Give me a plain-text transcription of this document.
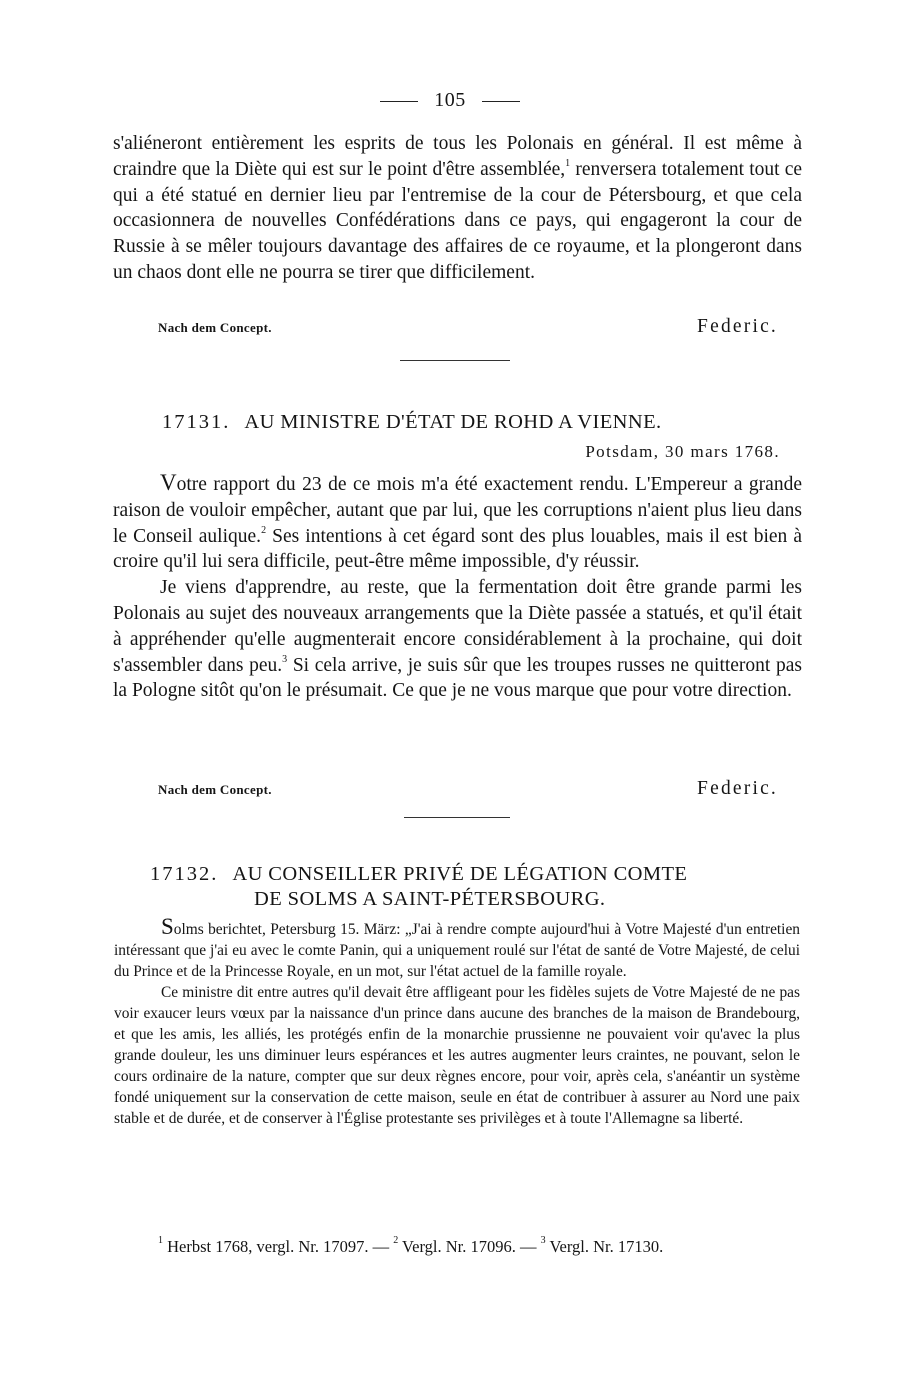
105

s'aliéneront entièrement les esprits de tous les Polonais en général. Il est même à craindre que la Diète qui est sur le point d'être assemblée,$^1$ renversera totalement tout ce qui a été statué en dernier lieu par l'entremise de la cour de Pétersbourg, et que cela occasionnera de nouvelles Confédérations dans ce pays, qui engageront la cour de Russie à se mêler toujours davantage des affaires de ce royaume, et la plongeront dans un chaos dont elle ne pourra se tirer que difficilement.

Nach dem Concept.	Federic.
17131. AU MINISTRE D'ÉTAT DE ROHD A VIENNE.
Potsdam, 30 mars 1768.

Votre rapport du 23 de ce mois m'a été exactement rendu. L'Empereur a grande raison de vouloir empêcher, autant que par lui, que les corruptions n'aient plus lieu dans le Conseil aulique.$^2$ Ses intentions à cet égard sont des plus louables, mais il est bien à croire qu'il lui sera difficile, peut-être même impossible, d'y réussir.

Je viens d'apprendre, au reste, que la fermentation doit être grande parmi les Polonais au sujet des nouveaux arrangements que la Diète passée a statués, et qu'il était à appréhender qu'elle augmenterait encore considérablement à la prochaine, qui doit s'assembler dans peu.$^3$ Si cela arrive, je suis sûr que les troupes russes ne quitteront pas la Pologne sitôt qu'on le présumait. Ce que je ne vous marque que pour votre direction.

Nach dem Concept.	Federic.
17132. AU CONSEILLER PRIVÉ DE LÉGATION COMTE
DE SOLMS A SAINT-PÉTERSBOURG.

Solms berichtet, Petersburg 15. März: „J'ai à rendre compte aujourd'hui à Votre Majesté d'un entretien intéressant que j'ai eu avec le comte Panin, qui a uniquement roulé sur l'état de santé de Votre Majesté, de celui du Prince et de la Princesse Royale, en un mot, sur l'état actuel de la famille royale.

Ce ministre dit entre autres qu'il devait être affligeant pour les fidèles sujets de Votre Majesté de ne pas voir exaucer leurs vœux par la naissance d'un prince dans aucune des branches de la maison de Brandebourg, et que les amis, les alliés, les protégés enfin de la monarchie prussienne ne pouvaient voir qu'avec la plus grande douleur, les uns diminuer leurs espérances et les autres augmenter leurs craintes, ne pouvant, selon le cours ordinaire de la nature, compter que sur deux règnes encore, pour voir, après cela, s'anéantir un système fondé uniquement sur la conservation de cette maison, seule en état de contribuer à assurer au Nord une paix stable et de durée, et de conserver à l'Église protestante ses privilèges et à toute l'Allemagne sa liberté.

$^1$ Herbst 1768, vergl. Nr. 17097. — $^2$ Vergl. Nr. 17096. — $^3$ Vergl. Nr. 17130.
